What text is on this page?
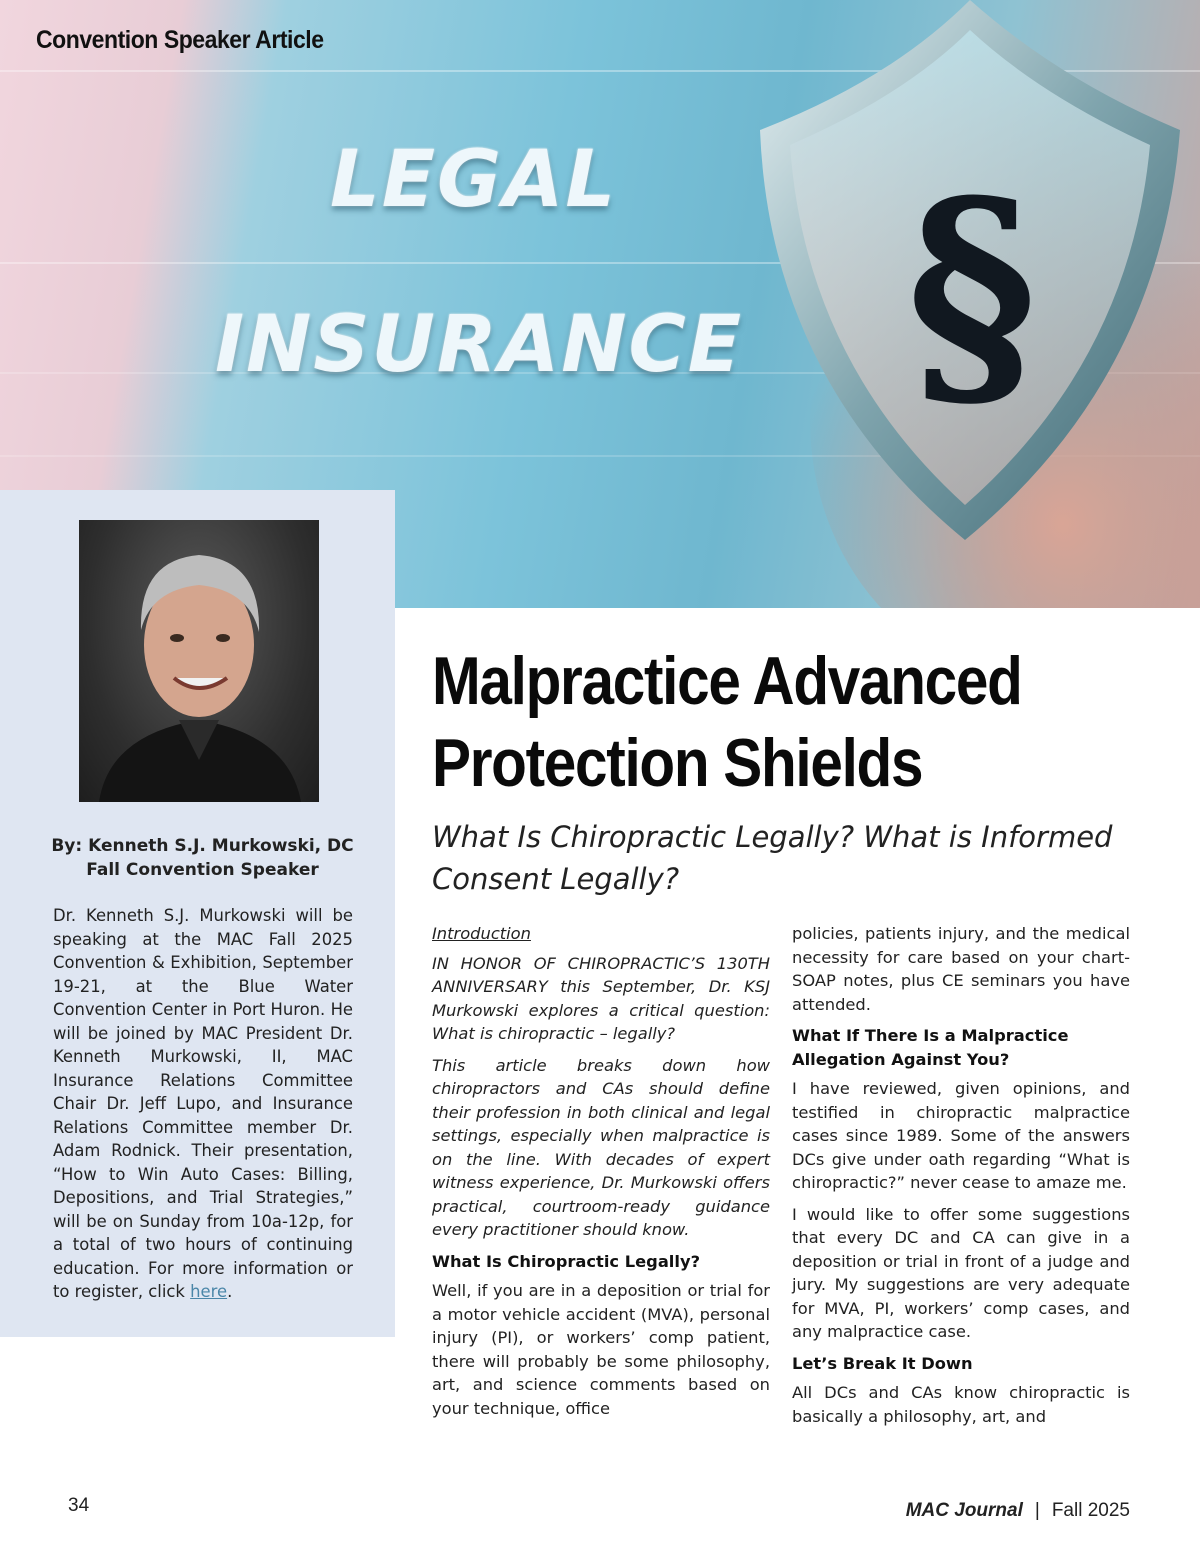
LEGAL

INSURANCE §

Convention Speaker Article

By: Kenneth S.J. Murkowski, DC
Fall Convention Speaker

Dr. Kenneth S.J. Murkowski will be speaking at the MAC Fall 2025 Convention & Exhibition, September 19-21, at the Blue Water Convention Center in Port Huron. He will be joined by MAC President Dr. Kenneth Murkowski, II, MAC Insurance Relations Committee Chair Dr. Jeff Lupo, and Insurance Relations Committee member Dr. Adam Rodnick. Their presentation, “How to Win Auto Cases: Billing, Depositions, and Trial Strategies,” will be on Sunday from 10a-12p, for a total of two hours of continuing education. For more information or to register, click here.

Malpractice Advanced Protection Shields

What Is Chiropractic Legally? What is Informed Consent Legally?

Introduction

IN HONOR OF CHIROPRACTIC’S 130TH ANNIVERSARY this September, Dr. KSJ Murkowski explores a critical question: What is chiropractic – legally?

This article breaks down how chiropractors and CAs should define their profession in both clinical and legal settings, especially when malpractice is on the line. With decades of expert witness experience, Dr. Murkowski offers practical, courtroom-ready guidance every practitioner should know.

What Is Chiropractic Legally?

Well, if you are in a deposition or trial for a motor vehicle accident (MVA), personal injury (PI), or workers’ comp patient, there will probably be some philosophy, art, and science comments based on your technique, office

policies, patients injury, and the medical necessity for care based on your chart-SOAP notes, plus CE seminars you have attended.

What If There Is a Malpractice Allegation Against You?

I have reviewed, given opinions, and testified in chiropractic malpractice cases since 1989. Some of the answers DCs give under oath regarding “What is chiropractic?” never cease to amaze me.

I would like to offer some suggestions that every DC and CA can give in a deposition or trial in front of a judge and jury. My suggestions are very adequate for MVA, PI, workers’ comp cases, and any malpractice case.

Let’s Break It Down

All DCs and CAs know chiropractic is basically a philosophy, art, and

34	MAC Journal | Fall 2025
